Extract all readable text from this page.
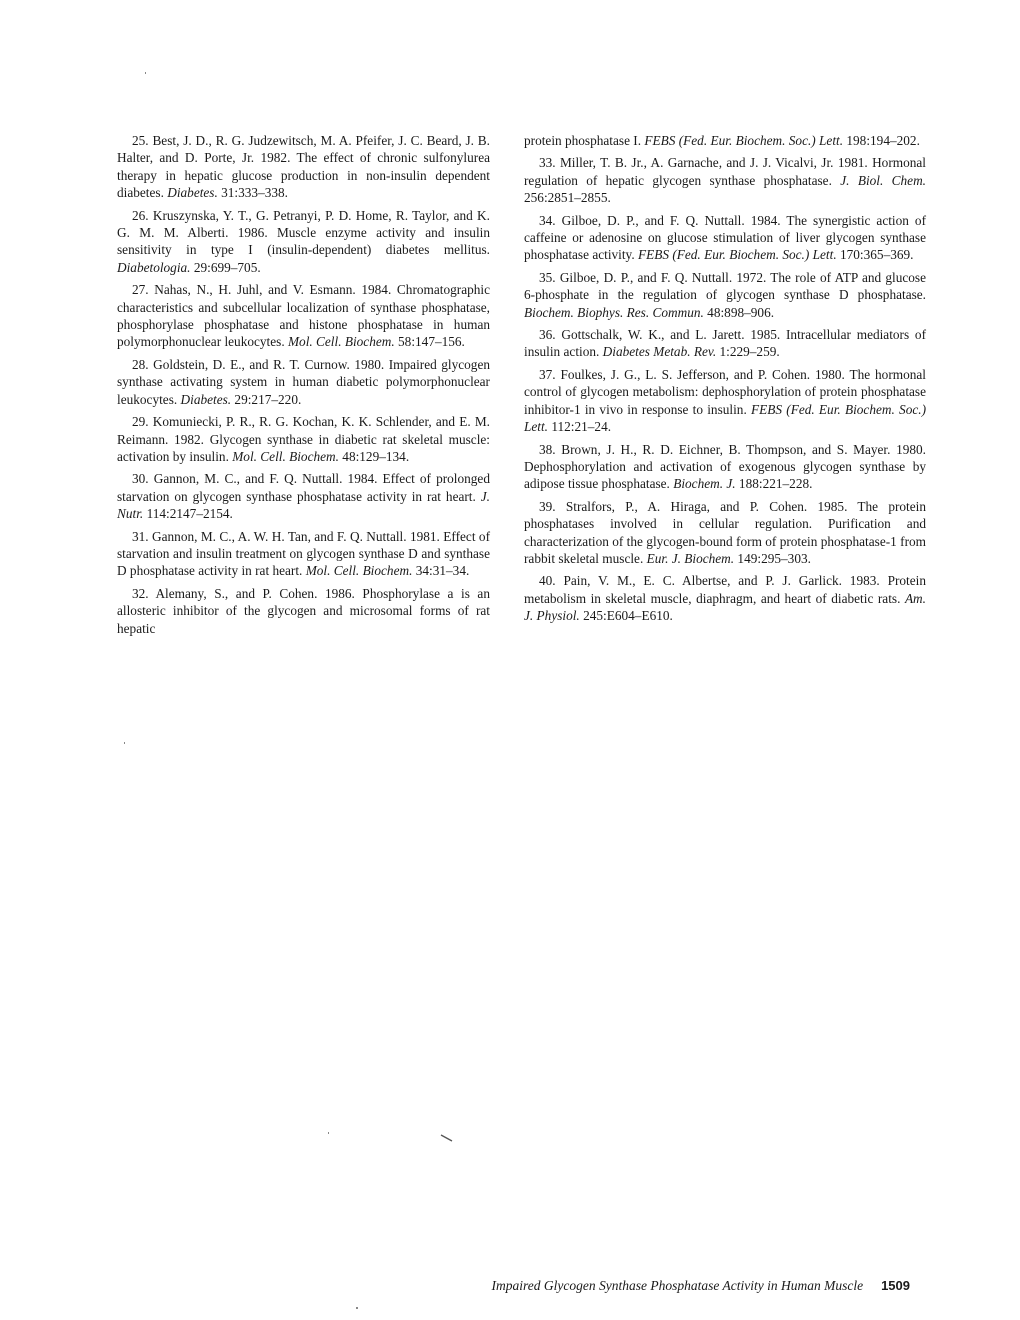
25. Best, J. D., R. G. Judzewitsch, M. A. Pfeifer, J. C. Beard, J. B. Halter, and D. Porte, Jr. 1982. The effect of chronic sulfonylurea therapy in hepatic glucose production in non-insulin dependent diabetes. Diabetes. 31:333–338.

26. Kruszynska, Y. T., G. Petranyi, P. D. Home, R. Taylor, and K. G. M. M. Alberti. 1986. Muscle enzyme activity and insulin sensitivity in type I (insulin-dependent) diabetes mellitus. Diabetologia. 29:699–705.

27. Nahas, N., H. Juhl, and V. Esmann. 1984. Chromatographic characteristics and subcellular localization of synthase phosphatase, phosphorylase phosphatase and histone phosphatase in human polymorphonuclear leukocytes. Mol. Cell. Biochem. 58:147–156.

28. Goldstein, D. E., and R. T. Curnow. 1980. Impaired glycogen synthase activating system in human diabetic polymorphonuclear leukocytes. Diabetes. 29:217–220.

29. Komuniecki, P. R., R. G. Kochan, K. K. Schlender, and E. M. Reimann. 1982. Glycogen synthase in diabetic rat skeletal muscle: activation by insulin. Mol. Cell. Biochem. 48:129–134.

30. Gannon, M. C., and F. Q. Nuttall. 1984. Effect of prolonged starvation on glycogen synthase phosphatase activity in rat heart. J. Nutr. 114:2147–2154.

31. Gannon, M. C., A. W. H. Tan, and F. Q. Nuttall. 1981. Effect of starvation and insulin treatment on glycogen synthase D and synthase D phosphatase activity in rat heart. Mol. Cell. Biochem. 34:31–34.

32. Alemany, S., and P. Cohen. 1986. Phosphorylase a is an allosteric inhibitor of the glycogen and microsomal forms of rat hepatic

protein phosphatase I. FEBS (Fed. Eur. Biochem. Soc.) Lett. 198:194–202.

33. Miller, T. B. Jr., A. Garnache, and J. J. Vicalvi, Jr. 1981. Hormonal regulation of hepatic glycogen synthase phosphatase. J. Biol. Chem. 256:2851–2855.

34. Gilboe, D. P., and F. Q. Nuttall. 1984. The synergistic action of caffeine or adenosine on glucose stimulation of liver glycogen synthase phosphatase activity. FEBS (Fed. Eur. Biochem. Soc.) Lett. 170:365–369.

35. Gilboe, D. P., and F. Q. Nuttall. 1972. The role of ATP and glucose 6-phosphate in the regulation of glycogen synthase D phosphatase. Biochem. Biophys. Res. Commun. 48:898–906.

36. Gottschalk, W. K., and L. Jarett. 1985. Intracellular mediators of insulin action. Diabetes Metab. Rev. 1:229–259.

37. Foulkes, J. G., L. S. Jefferson, and P. Cohen. 1980. The hormonal control of glycogen metabolism: dephosphorylation of protein phosphatase inhibitor-1 in vivo in response to insulin. FEBS (Fed. Eur. Biochem. Soc.) Lett. 112:21–24.

38. Brown, J. H., R. D. Eichner, B. Thompson, and S. Mayer. 1980. Dephosphorylation and activation of exogenous glycogen synthase by adipose tissue phosphatase. Biochem. J. 188:221–228.

39. Stralfors, P., A. Hiraga, and P. Cohen. 1985. The protein phosphatases involved in cellular regulation. Purification and characterization of the glycogen-bound form of protein phosphatase-1 from rabbit skeletal muscle. Eur. J. Biochem. 149:295–303.

40. Pain, V. M., E. C. Albertse, and P. J. Garlick. 1983. Protein metabolism in skeletal muscle, diaphragm, and heart of diabetic rats. Am. J. Physiol. 245:E604–E610.

Impaired Glycogen Synthase Phosphatase Activity in Human Muscle 1509
